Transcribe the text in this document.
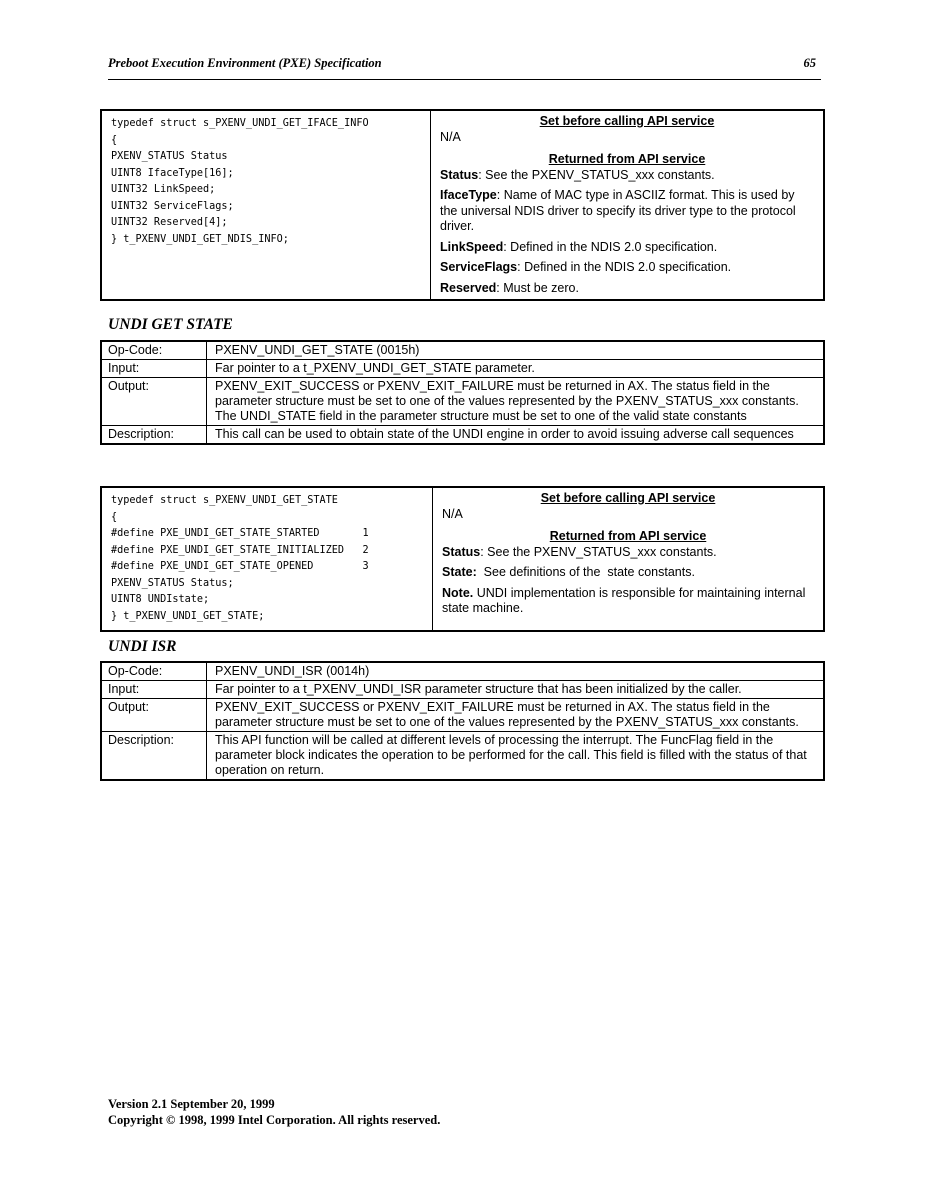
Preboot Execution Environment (PXE) Specification	65
typedef struct s_PXENV_UNDI_GET_IFACE_INFO
{
PXENV_STATUS Status
UINT8 IfaceType[16];
UINT32 LinkSpeed;
UINT32 ServiceFlags;
UINT32 Reserved[4];
} t_PXENV_UNDI_GET_NDIS_INFO;

Set before calling API service

N/A

Returned from API service

Status: See the PXENV_STATUS_xxx constants.

IfaceType: Name of MAC type in ASCIIZ format. This is used by the universal NDIS driver to specify its driver type to the protocol driver.

LinkSpeed: Defined in the NDIS 2.0 specification.

ServiceFlags: Defined in the NDIS 2.0 specification.

Reserved: Must be zero.

UNDI GET STATE
Op-Code:	PXENV_UNDI_GET_STATE (0015h)
Input:	Far pointer to a t_PXENV_UNDI_GET_STATE parameter.
Output:	PXENV_EXIT_SUCCESS or PXENV_EXIT_FAILURE must be returned in AX. The status field in the parameter structure must be set to one of the values represented by the PXENV_STATUS_xxx constants. The UNDI_STATE field in the parameter structure must be set to one of the valid state constants
Description:	This call can be used to obtain state of the UNDI engine in order to avoid issuing adverse call sequences
typedef struct s_PXENV_UNDI_GET_STATE
{
#define PXE_UNDI_GET_STATE_STARTED       1
#define PXE_UNDI_GET_STATE_INITIALIZED   2
#define PXE_UNDI_GET_STATE_OPENED        3
PXENV_STATUS Status;
UINT8 UNDIstate;
} t_PXENV_UNDI_GET_STATE;

Set before calling API service

N/A

Returned from API service

Status: See the PXENV_STATUS_xxx constants.

State:  See definitions of the  state constants.

Note. UNDI implementation is responsible for maintaining internal state machine.

UNDI ISR
Op-Code:	PXENV_UNDI_ISR (0014h)
Input:	Far pointer to a t_PXENV_UNDI_ISR parameter structure that has been initialized by the caller.
Output:	PXENV_EXIT_SUCCESS or PXENV_EXIT_FAILURE must be returned in AX. The status field in the parameter structure must be set to one of the values represented by the PXENV_STATUS_xxx constants.
Description:	This API function will be called at different levels of processing the interrupt. The FuncFlag field in the parameter block indicates the operation to be performed for the call. This field is filled with the status of that operation on return.
Version 2.1 September 20, 1999
Copyright © 1998, 1999 Intel Corporation. All rights reserved.
